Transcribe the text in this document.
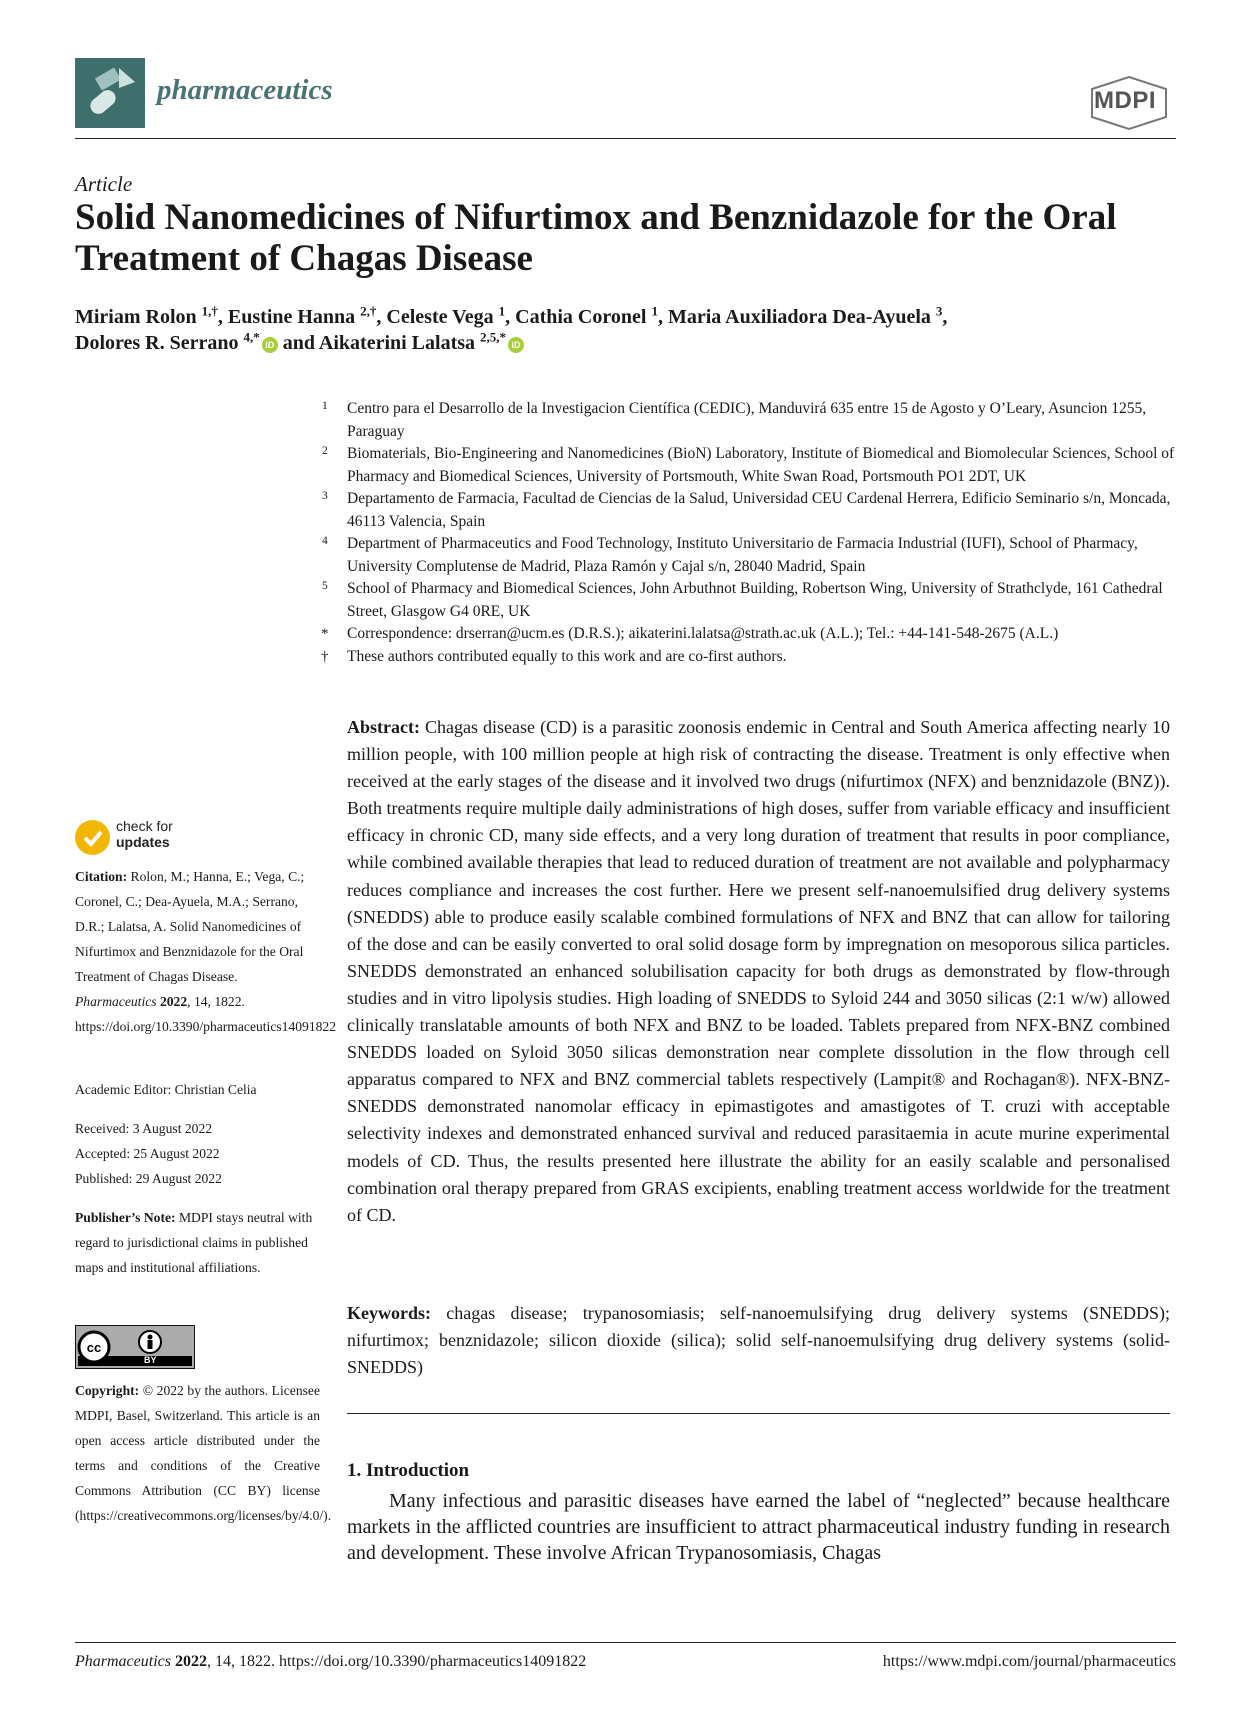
pharmaceutics	MDPI
Article
Solid Nanomedicines of Nifurtimox and Benznidazole for the Oral Treatment of Chagas Disease
Miriam Rolon $^{1,\dagger}$, Eustine Hanna $^{2,\dagger}$, Celeste Vega $^1$, Cathia Coronel $^1$, Maria Auxiliadora Dea-Ayuela $^3$,
Dolores R. Serrano $^{4,*}$iD and Aikaterini Lalatsa $^{2,5,*}$iD
1 Centro para el Desarrollo de la Investigacion Científica (CEDIC), Manduvirá 635 entre 15 de Agosto y O’Leary, Asuncion 1255, Paraguay
2 Biomaterials, Bio-Engineering and Nanomedicines (BioN) Laboratory, Institute of Biomedical and Biomolecular Sciences, School of Pharmacy and Biomedical Sciences, University of Portsmouth, White Swan Road, Portsmouth PO1 2DT, UK
3 Departamento de Farmacia, Facultad de Ciencias de la Salud, Universidad CEU Cardenal Herrera, Edificio Seminario s/n, Moncada, 46113 Valencia, Spain
4 Department of Pharmaceutics and Food Technology, Instituto Universitario de Farmacia Industrial (IUFI), School of Pharmacy, University Complutense de Madrid, Plaza Ramón y Cajal s/n, 28040 Madrid, Spain
5 School of Pharmacy and Biomedical Sciences, John Arbuthnot Building, Robertson Wing, University of Strathclyde, 161 Cathedral Street, Glasgow G4 0RE, UK
* Correspondence: drserran@ucm.es (D.R.S.); aikaterini.lalatsa@strath.ac.uk (A.L.); Tel.: +44-141-548-2675 (A.L.)
† These authors contributed equally to this work and are co-first authors.
Abstract: Chagas disease (CD) is a parasitic zoonosis endemic in Central and South America affecting nearly 10 million people, with 100 million people at high risk of contracting the disease. Treatment is only effective when received at the early stages of the disease and it involved two drugs (nifurtimox (NFX) and benznidazole (BNZ)). Both treatments require multiple daily administrations of high doses, suffer from variable efficacy and insufficient efficacy in chronic CD, many side effects, and a very long duration of treatment that results in poor compliance, while combined available therapies that lead to reduced duration of treatment are not available and polypharmacy reduces compliance and increases the cost further. Here we present self-nanoemulsified drug delivery systems (SNEDDS) able to produce easily scalable combined formulations of NFX and BNZ that can allow for tailoring of the dose and can be easily converted to oral solid dosage form by impregnation on mesoporous silica particles. SNEDDS demonstrated an enhanced solubilisation capacity for both drugs as demonstrated by flow-through studies and in vitro lipolysis studies. High loading of SNEDDS to Syloid 244 and 3050 silicas (2:1 w/w) allowed clinically translatable amounts of both NFX and BNZ to be loaded. Tablets prepared from NFX-BNZ combined SNEDDS loaded on Syloid 3050 silicas demonstration near complete dissolution in the flow through cell apparatus compared to NFX and BNZ commercial tablets respectively (Lampit® and Rochagan®). NFX-BNZ-SNEDDS demonstrated nanomolar efficacy in epimastigotes and amastigotes of T. cruzi with acceptable selectivity indexes and demonstrated enhanced survival and reduced parasitaemia in acute murine experimental models of CD. Thus, the results presented here illustrate the ability for an easily scalable and personalised combination oral therapy prepared from GRAS excipients, enabling treatment access worldwide for the treatment of CD.
Keywords: chagas disease; trypanosomiasis; self-nanoemulsifying drug delivery systems (SNEDDS); nifurtimox; benznidazole; silicon dioxide (silica); solid self-nanoemulsifying drug delivery systems (solid-SNEDDS)
1. Introduction
Many infectious and parasitic diseases have earned the label of “neglected” because healthcare markets in the afflicted countries are insufficient to attract pharmaceutical industry funding in research and development. These involve African Trypanosomiasis, Chagas
check for
updates
Citation: Rolon, M.; Hanna, E.; Vega, C.; Coronel, C.; Dea-Ayuela, M.A.; Serrano, D.R.; Lalatsa, A. Solid Nanomedicines of Nifurtimox and Benznidazole for the Oral Treatment of Chagas Disease. Pharmaceutics 2022, 14, 1822. https://doi.org/10.3390/pharmaceutics14091822
Academic Editor: Christian Celia
Received: 3 August 2022
Accepted: 25 August 2022
Published: 29 August 2022
Publisher’s Note: MDPI stays neutral with regard to jurisdictional claims in published maps and institutional affiliations.
cc
BY
Copyright: © 2022 by the authors. Licensee MDPI, Basel, Switzerland. This article is an open access article distributed under the terms and conditions of the Creative Commons Attribution (CC BY) license (https://creativecommons.org/licenses/by/4.0/).
Pharmaceutics 2022, 14, 1822. https://doi.org/10.3390/pharmaceutics14091822	https://www.mdpi.com/journal/pharmaceutics
